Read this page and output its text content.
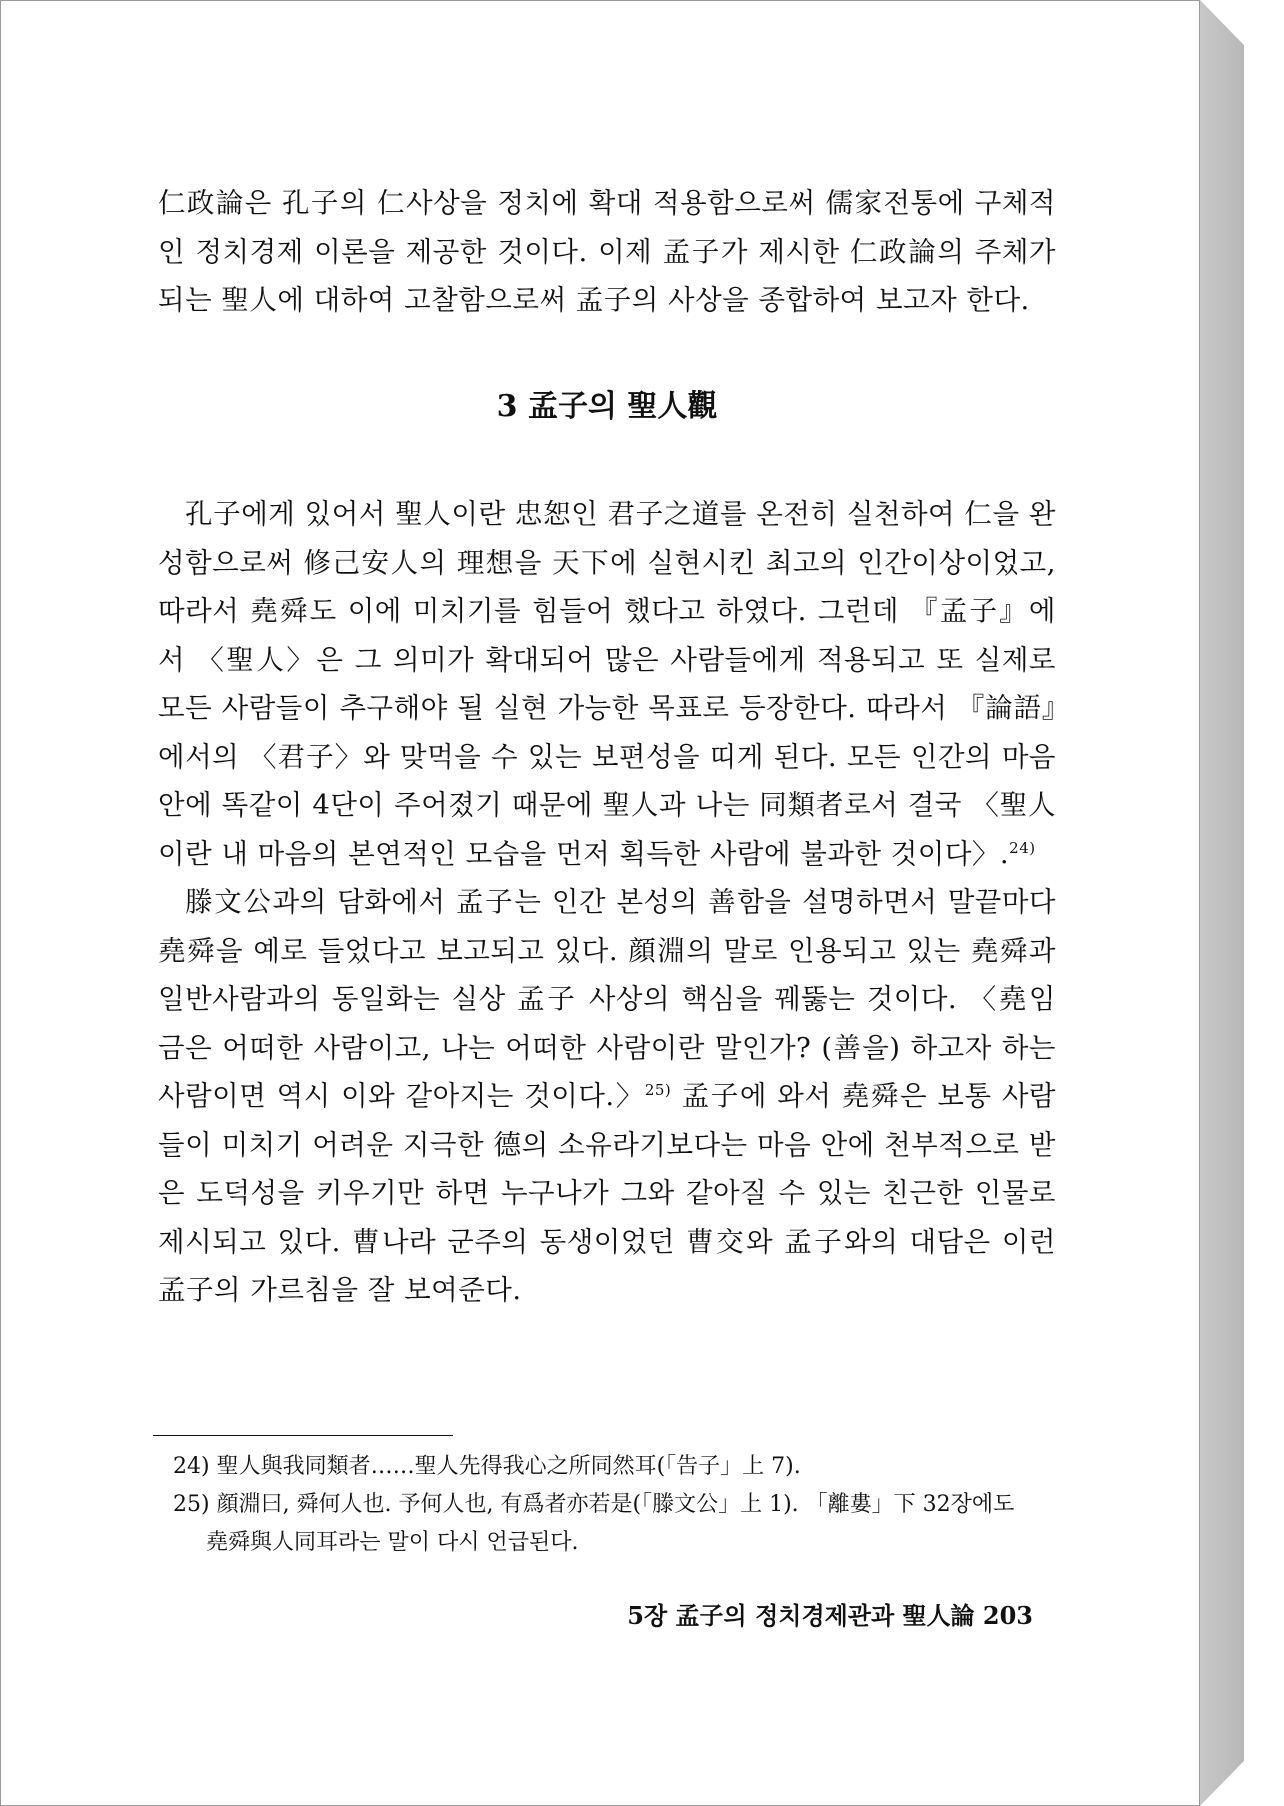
仁政論은 孔子의 仁사상을 정치에 확대 적용함으로써 儒家전통에 구체적인 정치경제 이론을 제공한 것이다. 이제 孟子가 제시한 仁政論의 주체가 되는 聖人에 대하여 고찰함으로써 孟子의 사상을 종합하여 보고자 한다.

3 孟子의 聖人觀

孔子에게 있어서 聖人이란 忠恕인 君子之道를 온전히 실천하여 仁을 완성함으로써 修己安人의 理想을 天下에 실현시킨 최고의 인간이상이었고, 따라서 堯舜도 이에 미치기를 힘들어 했다고 하였다. 그런데 『孟子』에서 〈聖人〉은 그 의미가 확대되어 많은 사람들에게 적용되고 또 실제로 모든 사람들이 추구해야 될 실현 가능한 목표로 등장한다. 따라서 『論語』에서의 〈君子〉와 맞먹을 수 있는 보편성을 띠게 된다. 모든 인간의 마음 안에 똑같이 4단이 주어졌기 때문에 聖人과 나는 同類者로서 결국 〈聖人이란 내 마음의 본연적인 모습을 먼저 획득한 사람에 불과한 것이다〉.$^{24)}$

滕文公과의 담화에서 孟子는 인간 본성의 善함을 설명하면서 말끝마다 堯舜을 예로 들었다고 보고되고 있다. 顔淵의 말로 인용되고 있는 堯舜과 일반사람과의 동일화는 실상 孟子 사상의 핵심을 꿰뚫는 것이다. 〈堯임금은 어떠한 사람이고, 나는 어떠한 사람이란 말인가? (善을) 하고자 하는 사람이면 역시 이와 같아지는 것이다.〉$^{25)}$ 孟子에 와서 堯舜은 보통 사람들이 미치기 어려운 지극한 德의 소유라기보다는 마음 안에 천부적으로 받은 도덕성을 키우기만 하면 누구나가 그와 같아질 수 있는 친근한 인물로 제시되고 있다. 曹나라 군주의 동생이었던 曹交와 孟子와의 대담은 이런 孟子의 가르침을 잘 보여준다.

24) 聖人與我同類者……聖人先得我心之所同然耳(「告子」上 7).

25) 顔淵曰, 舜何人也. 予何人也, 有爲者亦若是(「滕文公」上 1). 「離婁」下 32장에도

堯舜與人同耳라는 말이 다시 언급된다.

5장 孟子의 정치경제관과 聖人論 203
